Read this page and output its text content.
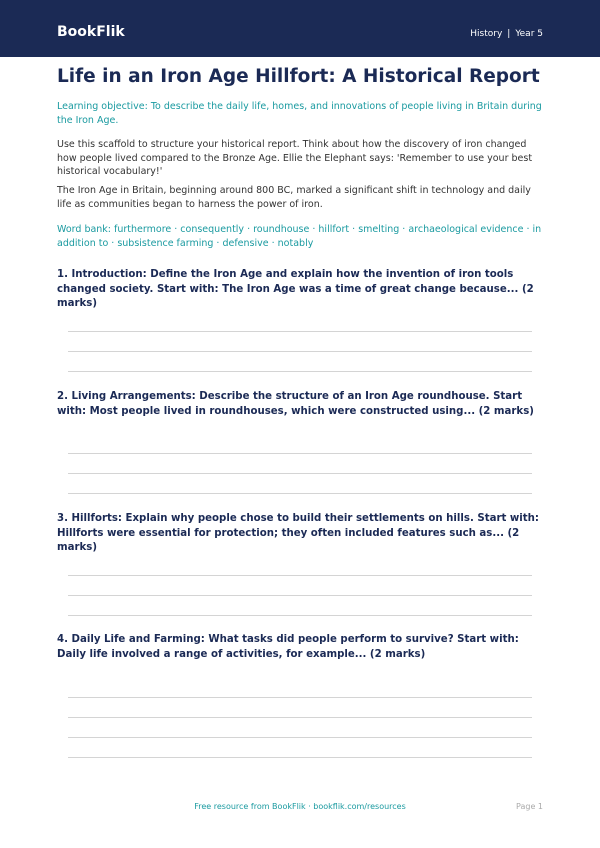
BookFlik	History | Year 5
Life in an Iron Age Hillfort: A Historical Report
Learning objective: To describe the daily life, homes, and innovations of people living in Britain during the Iron Age.
Use this scaffold to structure your historical report. Think about how the discovery of iron changed how people lived compared to the Bronze Age. Ellie the Elephant says: 'Remember to use your best historical vocabulary!'
The Iron Age in Britain, beginning around 800 BC, marked a significant shift in technology and daily life as communities began to harness the power of iron.
Word bank: furthermore · consequently · roundhouse · hillfort · smelting · archaeological evidence · in addition to · subsistence farming · defensive · notably
1. Introduction: Define the Iron Age and explain how the invention of iron tools changed society. Start with: The Iron Age was a time of great change because... (2 marks)
2. Living Arrangements: Describe the structure of an Iron Age roundhouse. Start with: Most people lived in roundhouses, which were constructed using... (2 marks)
3. Hillforts: Explain why people chose to build their settlements on hills. Start with: Hillforts were essential for protection; they often included features such as... (2 marks)
4. Daily Life and Farming: What tasks did people perform to survive? Start with: Daily life involved a range of activities, for example... (2 marks)
Free resource from BookFlik · bookflik.com/resources	Page 1
